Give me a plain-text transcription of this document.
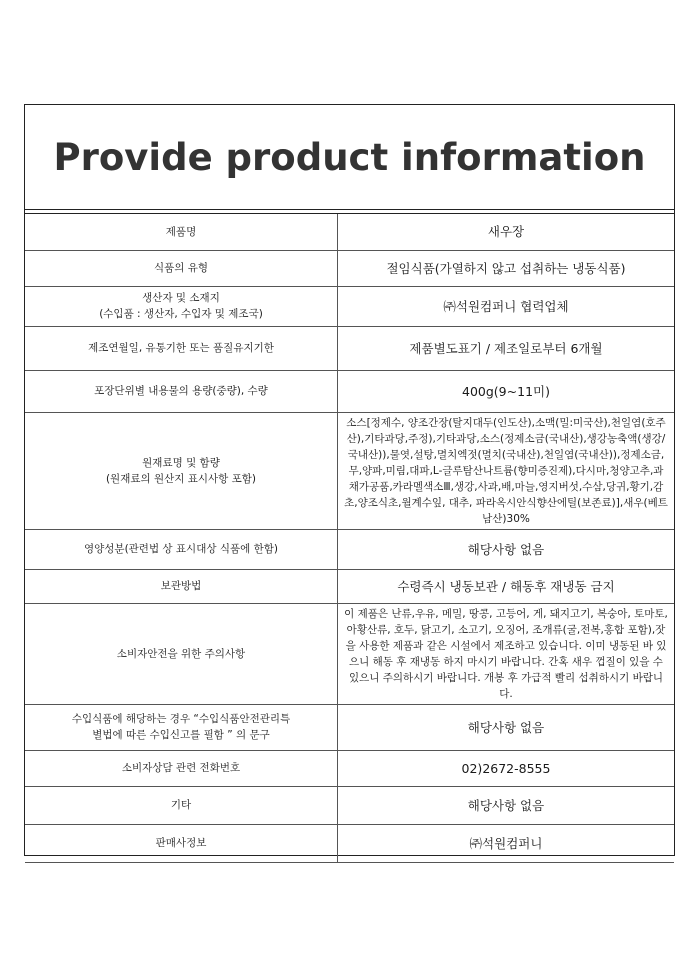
Provide product information
제품명	새우장
식품의 유형	절임식품(가열하지 않고 섭취하는 냉동식품)
생산자 및 소재지
(수입품 : 생산자, 수입자 및 제조국)	㈜석원컴퍼니 협력업체
제조연월일, 유통기한 또는 품질유지기한	제품별도표기 / 제조일로부터 6개월
포장단위별 내용물의 용량(중량), 수량	400g(9~11미)
원재료명 및 함량
(원재료의 원산지 표시사항 포함)	소스[정제수, 양조간장(탈지대두(인도산),소맥(밀:미국산),천일염(호주산),기타과당,주정),기타과당,소스(정제소금(국내산),생강농축액(생강/국내산)),물엿,설탕,멸치엑젓(멸치(국내산),천일염(국내산)),정제소금,무,양파,미림,대파,L-글루탐산나트륨(향미증진제),다시마,청양고추,과채가공품,카라멜색소Ⅲ,생강,사과,배,마늘,영지버섯,수삼,당귀,황기,감초,양조식초,월계수잎, 대추, 파라옥시안식향산에틸(보존료)],새우(베트남산)30%
영양성분(관련법 상 표시대상 식품에 한함)	해당사항 없음
보관방법	수령즉시 냉동보관 / 해동후 재냉동 금지
소비자안전을 위한 주의사항	이 제품은 난류,우유, 메밀, 땅콩, 고등어, 게, 돼지고기, 복숭아, 토마토, 아황산류, 호두, 닭고기, 소고기, 오징어, 조개류(굴,전복,홍합 포함),잣을 사용한 제품과 같은 시설에서 제조하고 있습니다. 이미 냉동된 바 있으니 해동 후 재냉동 하지 마시기 바랍니다. 간혹 새우 껍질이 있을 수 있으니 주의하시기 바랍니다. 개봉 후 가급적 빨리 섭취하시기 바랍니다.
수입식품에 해당하는 경우 “수입식품안전관리특
별법에 따른 수입신고를 필함 ” 의 문구	해당사항 없음
소비자상담 관련 전화번호	02)2672-8555
기타	해당사항 없음
판매사정보	㈜석원컴퍼니
